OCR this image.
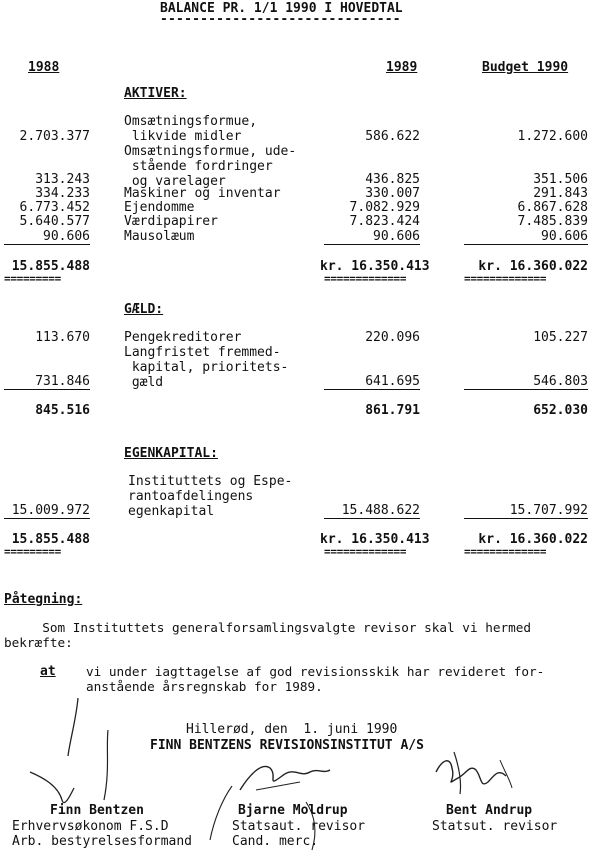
BALANCE PR. 1/1 1990 I HOVEDTAL
------------------------------
1988	1989	Budget 1990
AKTIVER:
Omsætningsformue,
likvide midler
2.703.377	586.622	1.272.600
Omsætningsformue, ude-
stående fordringer
og varelager
313.243	436.825	351.506
Maskiner og inventar
334.233	330.007	291.843
Ejendomme
6.773.452	7.082.929	6.867.628
Værdipapirer
5.640.577	7.823.424	7.485.839
Mausolæum
90.606	90.606	90.606
15.855.488	kr. 16.350.413	kr. 16.360.022
=========	=============	=============
GÆLD:
Pengekreditorer
113.670	220.096	105.227
Langfristet fremmed-
kapital, prioritets-
gæld
731.846	641.695	546.803
845.516	861.791	652.030
EGENKAPITAL:
Instituttets og Espe-
rantoafdelingens
egenkapital
15.009.972	15.488.622	15.707.992
15.855.488	kr. 16.350.413	kr. 16.360.022
=========	=============	=============
Påtegning:
Som Instituttets generalforsamlingsvalgte revisor skal vi hermed
bekræfte:
at vi under iagttagelse af god revisionsskik har revideret for-
anstående årsregnskab for 1989.
Hillerød, den  1. juni 1990
FINN BENTZENS REVISIONSINSTITUT A/S
Finn Bentzen
Erhvervsøkonom F.S.D
Arb. bestyrelsesformand
Bjarne Moldrup
Statsaut. revisor
Cand. merc.
Bent Andrup
Statsut. revisor
